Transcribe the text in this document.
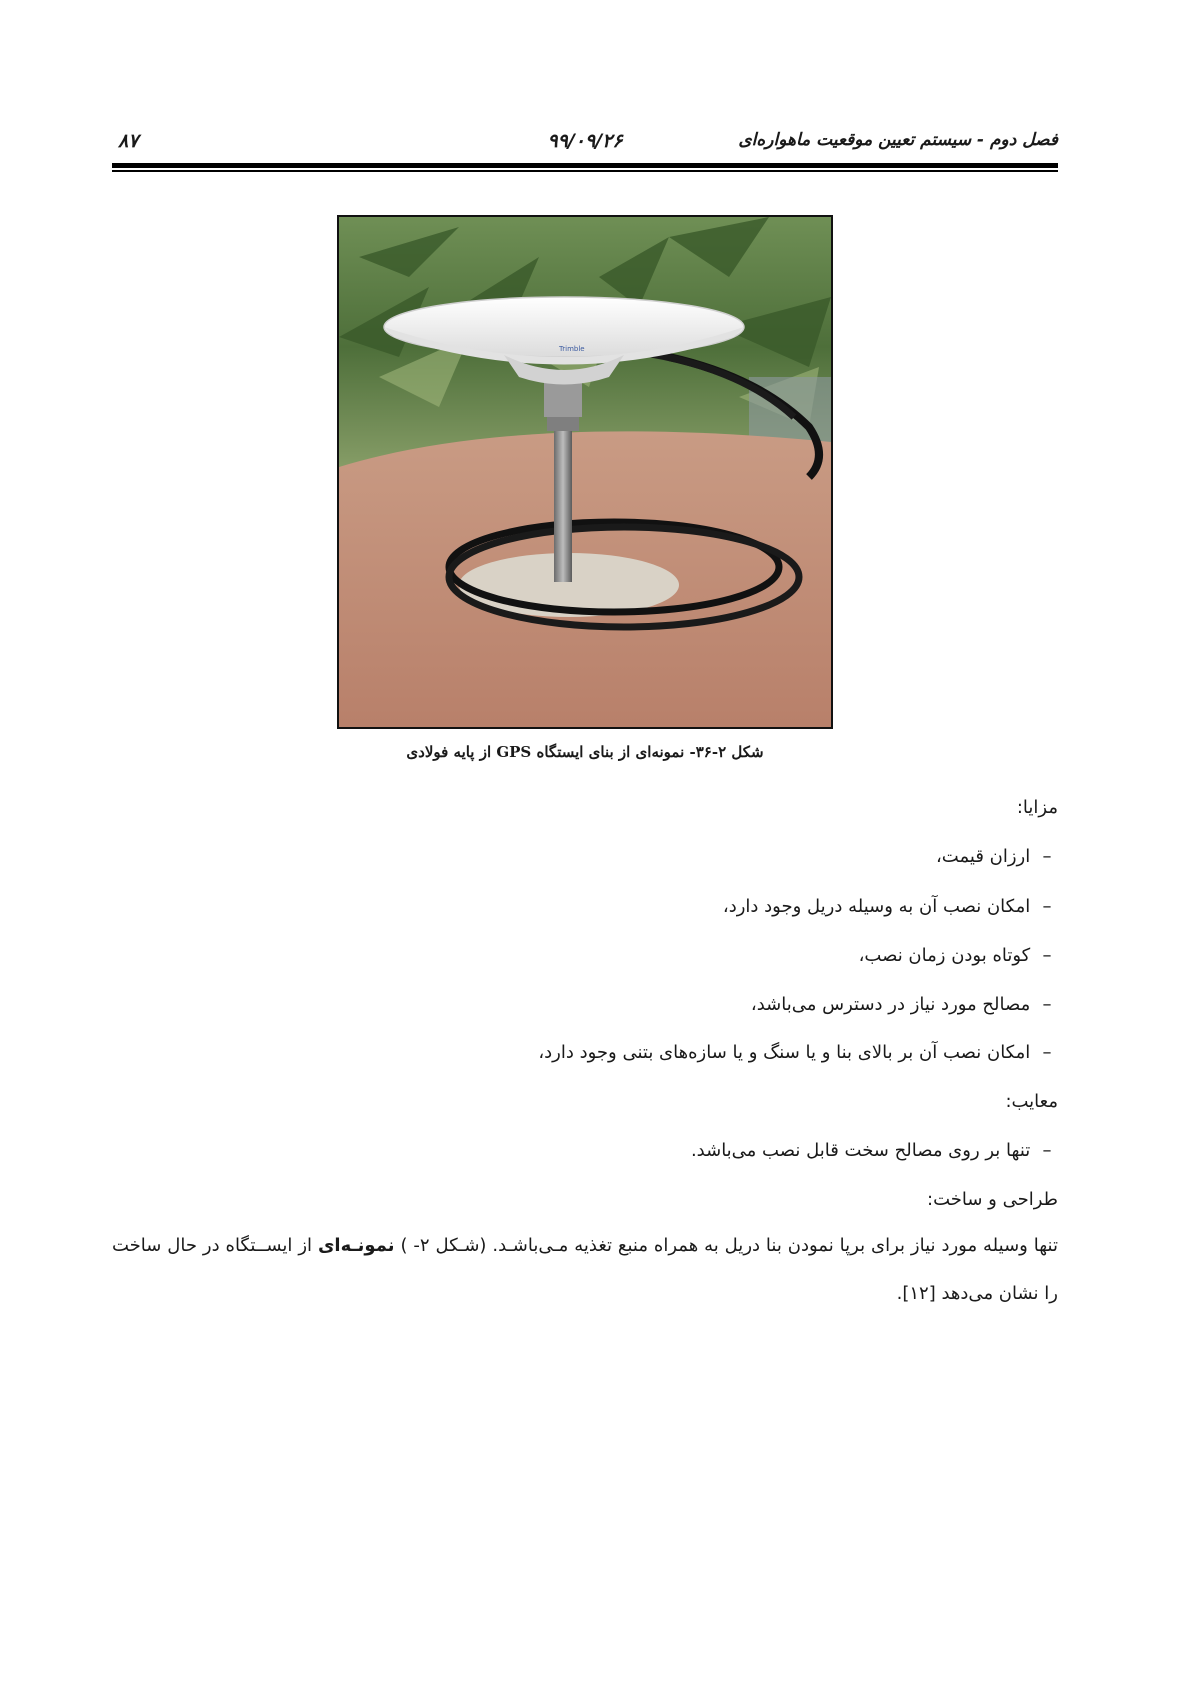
۸۷	۹۹/۰۹/۲۶	فصل دوم - سیستم تعیین موقعیت ماهواره‌ای
Trimble
شکل ۲-۳۶- نمونه‌ای از بنای ایستگاه GPS از پایه فولادی
مزایا:
– ارزان قیمت،
– امکان نصب آن به وسیله دریل وجود دارد،
– کوتاه بودن زمان نصب،
– مصالح مورد نیاز در دسترس می‌باشد،
– امکان نصب آن بر بالای بنا و یا سنگ و یا سازه‌های بتنی وجود دارد،
معایب:
– تنها بر روی مصالح سخت قابل نصب می‌باشد.
طراحی و ساخت:
تنها وسیله مورد نیاز برای برپا نمودن بنا دریل به همراه منبع تغذیه مـی‌باشـد. (شـکل ۲- ) نمونـه‌ای از ایســتگاه در حال ساخت را نشان می‌دهد [۱۲].
